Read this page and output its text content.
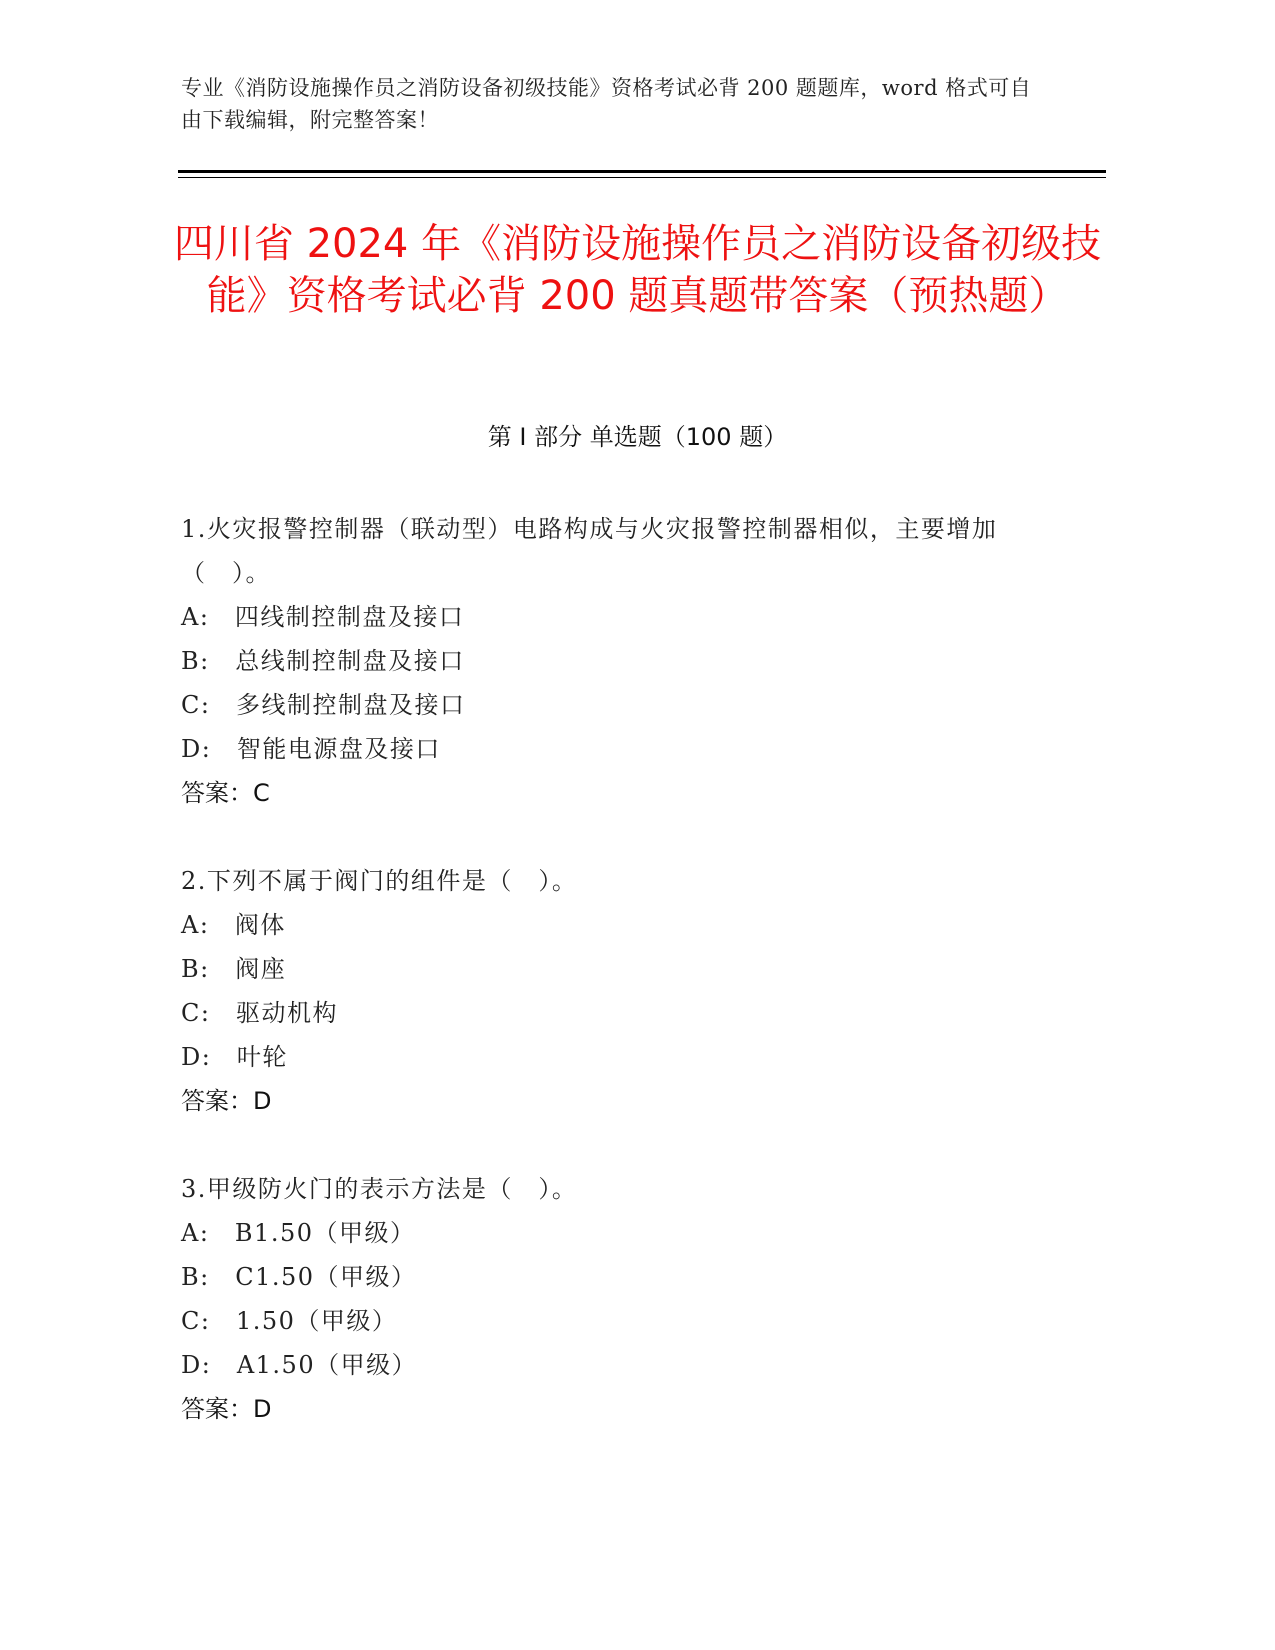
专业《消防设施操作员之消防设备初级技能》资格考试必背 200 题题库，word 格式可自由下载编辑，附完整答案！
四川省 2024 年《消防设施操作员之消防设备初级技能》资格考试必背 200 题真题带答案（预热题）
第 I 部分 单选题（100 题）
1.火灾报警控制器（联动型）电路构成与火灾报警控制器相似，主要增加（　）。
A:　四线制控制盘及接口
B:　总线制控制盘及接口
C:　多线制控制盘及接口
D:　智能电源盘及接口
答案：C
2.下列不属于阀门的组件是（　）。
A:　阀体
B:　阀座
C:　驱动机构
D:　叶轮
答案：D
3.甲级防火门的表示方法是（　）。
A:　B1.50（甲级）
B:　C1.50（甲级）
C:　1.50（甲级）
D:　A1.50（甲级）
答案：D
